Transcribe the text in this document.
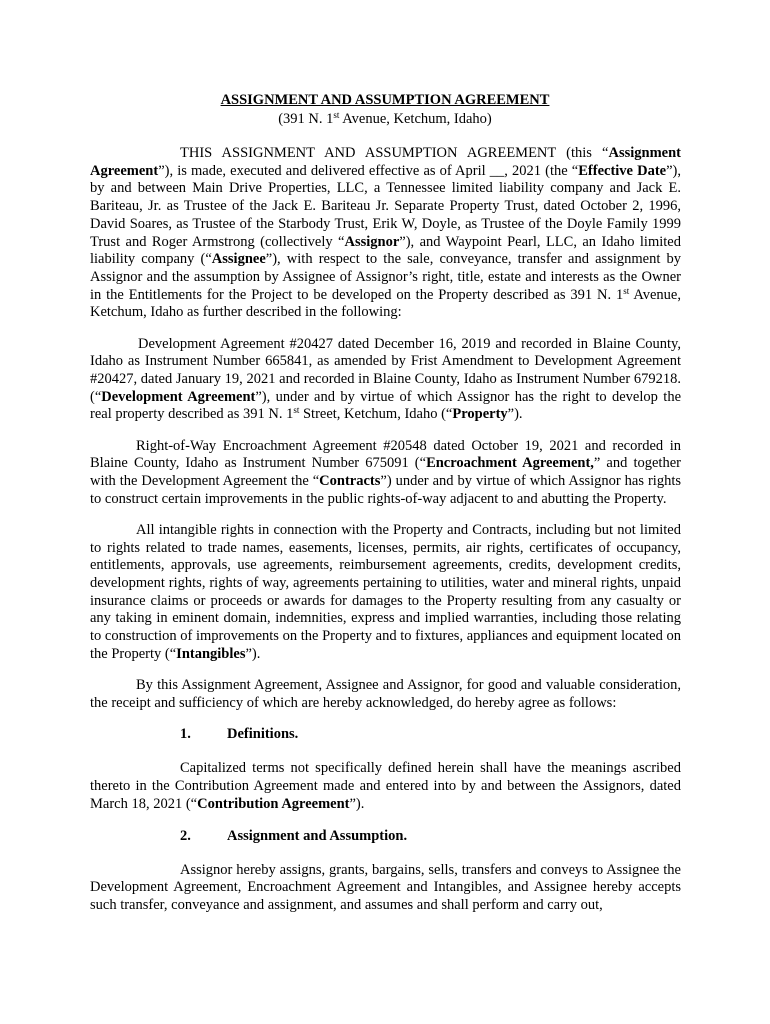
ASSIGNMENT AND ASSUMPTION AGREEMENT
(391 N. 1st Avenue, Ketchum, Idaho)

THIS ASSIGNMENT AND ASSUMPTION AGREEMENT (this “Assignment Agreement”), is made, executed and delivered effective as of April __, 2021 (the “Effective Date”), by and between Main Drive Properties, LLC, a Tennessee limited liability company and Jack E. Bariteau, Jr. as Trustee of the Jack E. Bariteau Jr. Separate Property Trust, dated October 2, 1996, David Soares, as Trustee of the Starbody Trust, Erik W, Doyle, as Trustee of the Doyle Family 1999 Trust and Roger Armstrong (collectively “Assignor”), and Waypoint Pearl, LLC, an Idaho limited liability company (“Assignee”), with respect to the sale, conveyance, transfer and assignment by Assignor and the assumption by Assignee of Assignor’s right, title, estate and interests as the Owner in the Entitlements for the Project to be developed on the Property described as 391 N. 1st Avenue, Ketchum, Idaho as further described in the following:

Development Agreement #20427 dated December 16, 2019 and recorded in Blaine County, Idaho as Instrument Number 665841, as amended by Frist Amendment to Development Agreement #20427, dated January 19, 2021 and recorded in Blaine County, Idaho as Instrument Number 679218.(“Development Agreement”), under and by virtue of which Assignor has the right to develop the real property described as 391 N. 1st Street, Ketchum, Idaho (“Property”).

Right-of-Way Encroachment Agreement #20548 dated October 19, 2021 and recorded in Blaine County, Idaho as Instrument Number 675091 (“Encroachment Agreement,” and together with the Development Agreement the “Contracts”) under and by virtue of which Assignor has rights to construct certain improvements in the public rights-of-way adjacent to and abutting the Property.

All intangible rights in connection with the Property and Contracts, including but not limited to rights related to trade names, easements, licenses, permits, air rights, certificates of occupancy, entitlements, approvals, use agreements, reimbursement agreements, credits, development credits, development rights, rights of way, agreements pertaining to utilities, water and mineral rights, unpaid insurance claims or proceeds or awards for damages to the Property resulting from any casualty or any taking in eminent domain, indemnities, express and implied warranties, including those relating to construction of improvements on the Property and to fixtures, appliances and equipment located on the Property (“Intangibles”).

By this Assignment Agreement, Assignee and Assignor, for good and valuable consideration, the receipt and sufficiency of which are hereby acknowledged, do hereby agree as follows:

1. Definitions.

Capitalized terms not specifically defined herein shall have the meanings ascribed thereto in the Contribution Agreement made and entered into by and between the Assignors, dated March 18, 2021 (“Contribution Agreement”).

2. Assignment and Assumption.

Assignor hereby assigns, grants, bargains, sells, transfers and conveys to Assignee the Development Agreement, Encroachment Agreement and Intangibles, and Assignee hereby accepts such transfer, conveyance and assignment, and assumes and shall perform and carry out,
